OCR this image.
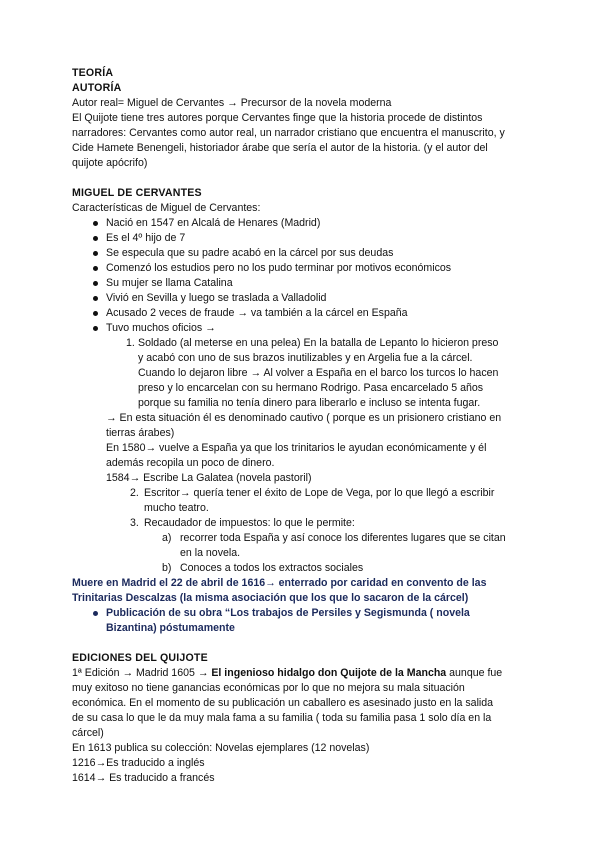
TEORÍA
AUTORÍA
Autor real= Miguel de Cervantes → Precursor de la novela moderna
El Quijote tiene tres autores porque Cervantes finge que la historia procede de distintos
narradores: Cervantes como autor real, un narrador cristiano que encuentra el manuscrito, y
Cide Hamete Benengeli, historiador árabe que sería el autor de la historia. (y el autor del
quijote apócrifo)
MIGUEL DE CERVANTES
Características de Miguel de Cervantes:
Nació en 1547 en Alcalá de Henares (Madrid)
Es el 4º hijo de 7
Se especula que su padre acabó en la cárcel por sus deudas
Comenzó los estudios pero no los pudo terminar por motivos económicos
Su mujer se llama Catalina
Vivió en Sevilla y luego se traslada a Valladolid
Acusado 2 veces de fraude → va también a la cárcel en España
Tuvo muchos oficios →
1. Soldado (al meterse en una pelea) En la batalla de Lepanto lo hicieron preso
y acabó con uno de sus brazos inutilizables y en Argelia fue a la cárcel.
Cuando lo dejaron libre → Al volver a España en el barco los turcos lo hacen
preso y lo encarcelan con su hermano Rodrigo. Pasa encarcelado 5 años
porque su familia no tenía dinero para liberarlo e incluso se intenta fugar.
→ En esta situación él es denominado cautivo ( porque es un prisionero cristiano en
tierras árabes)
En 1580→ vuelve a España ya que los trinitarios le ayudan económicamente y él
además recopila un poco de dinero.
1584→ Escribe La Galatea (novela pastoril)
2. Escritor→ quería tener el éxito de Lope de Vega, por lo que llegó a escribir
mucho teatro.
3. Recaudador de impuestos: lo que le permite:
a) recorrer toda España y así conoce los diferentes lugares que se citan
en la novela.
b) Conoces a todos los extractos sociales
Muere en Madrid el 22 de abril de 1616→ enterrado por caridad en convento de las
Trinitarias Descalzas (la misma asociación que los que lo sacaron de la cárcel)
Publicación de su obra “Los trabajos de Persiles y Segismunda ( novela
Bizantina) póstumamente
EDICIONES DEL QUIJOTE
1ª Edición → Madrid 1605 → El ingenioso hidalgo don Quijote de la Mancha aunque fue
muy exitoso no tiene ganancias económicas por lo que no mejora su mala situación
económica. En el momento de su publicación un caballero es asesinado justo en la salida
de su casa lo que le da muy mala fama a su familia ( toda su familia pasa 1 solo día en la
cárcel)
En 1613 publica su colección: Novelas ejemplares (12 novelas)
1216→Es traducido a inglés
1614→ Es traducido a francés
